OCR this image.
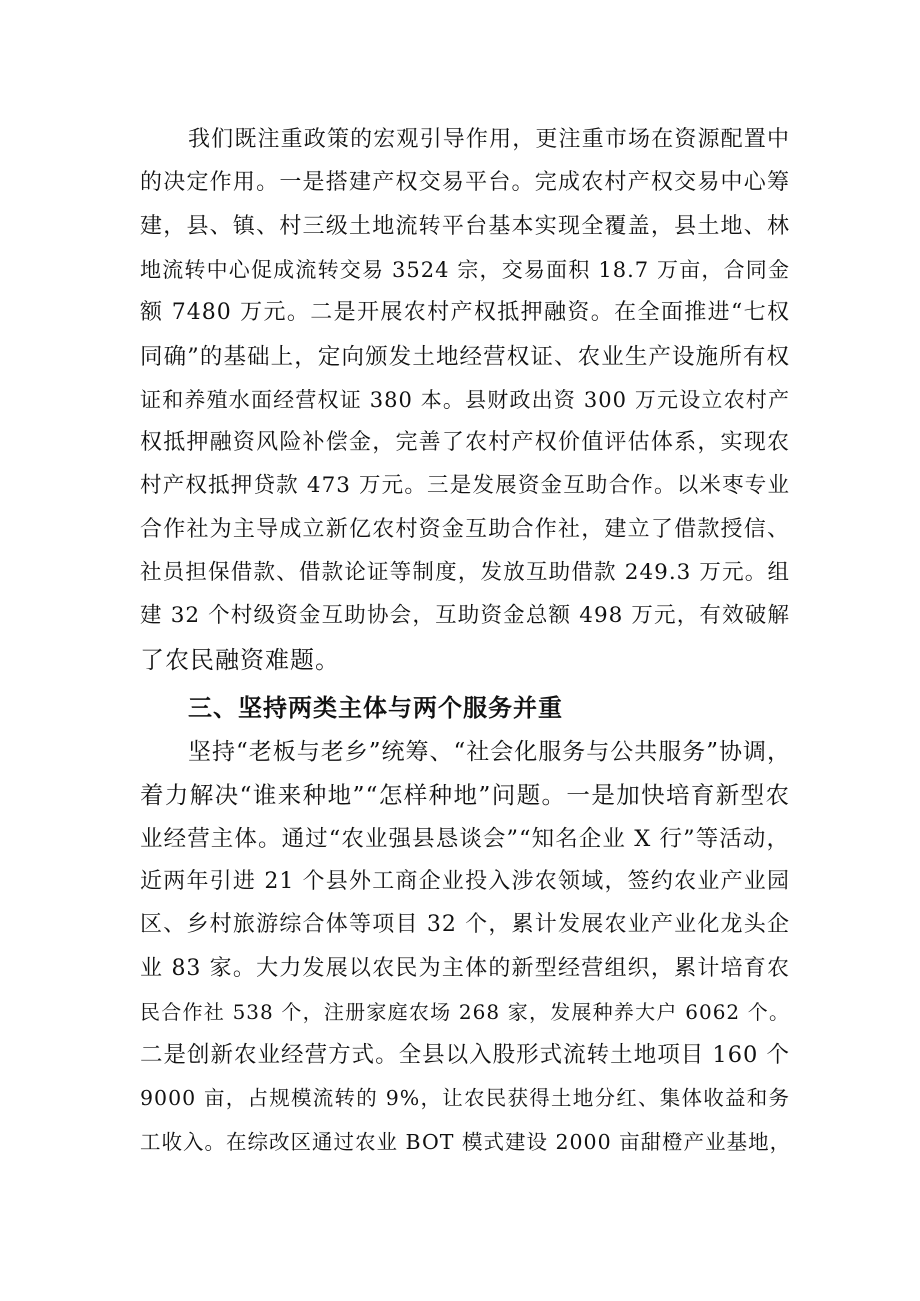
我们既注重政策的宏观引导作用，更注重市场在资源配置中
的决定作用。一是搭建产权交易平台。完成农村产权交易中心筹
建，县、镇、村三级土地流转平台基本实现全覆盖，县土地、林
地流转中心促成流转交易 3524 宗，交易面积 18.7 万亩，合同金
额 7480 万元。二是开展农村产权抵押融资。在全面推进“七权
同确”的基础上，定向颁发土地经营权证、农业生产设施所有权
证和养殖水面经营权证 380 本。县财政出资 300 万元设立农村产
权抵押融资风险补偿金，完善了农村产权价值评估体系，实现农
村产权抵押贷款 473 万元。三是发展资金互助合作。以米枣专业
合作社为主导成立新亿农村资金互助合作社，建立了借款授信、
社员担保借款、借款论证等制度，发放互助借款 249.3 万元。组
建 32 个村级资金互助协会，互助资金总额 498 万元，有效破解
了农民融资难题。
三、坚持两类主体与两个服务并重
坚持“老板与老乡”统筹、“社会化服务与公共服务”协调，
着力解决“谁来种地”“怎样种地”问题。一是加快培育新型农
业经营主体。通过“农业强县恳谈会”“知名企业 X 行”等活动，
近两年引进 21 个县外工商企业投入涉农领域，签约农业产业园
区、乡村旅游综合体等项目 32 个，累计发展农业产业化龙头企
业 83 家。大力发展以农民为主体的新型经营组织，累计培育农
民合作社 538 个，注册家庭农场 268 家，发展种养大户 6062 个。
二是创新农业经营方式。全县以入股形式流转土地项目 160 个
9000 亩，占规模流转的 9%，让农民获得土地分红、集体收益和务
工收入。在综改区通过农业 BOT 模式建设 2000 亩甜橙产业基地，
